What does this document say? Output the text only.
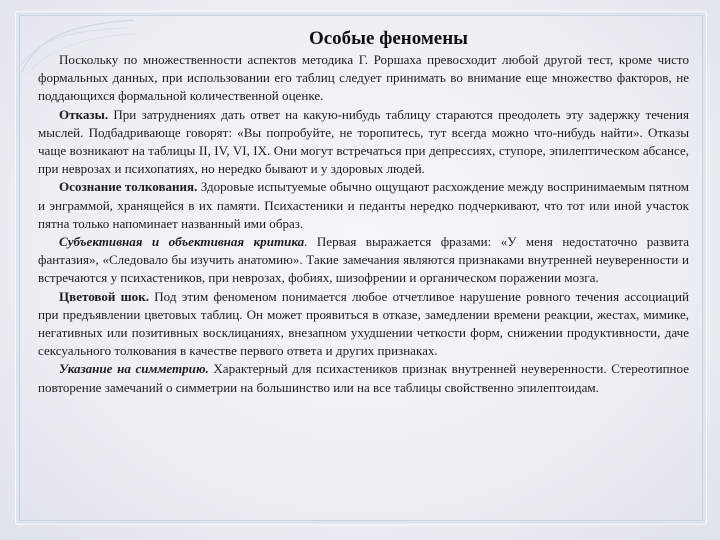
Особые феномены

Поскольку по множественности аспектов методика Г. Роршаха превосходит любой другой тест, кроме чисто формальных данных, при использовании его таблиц следует принимать во внимание еще множество факторов, не поддающихся формальной количественной оценке.

Отказы. При затруднениях дать ответ на какую-нибудь таблицу стараются преодолеть эту задержку течения мыслей. Подбадривающе говорят: «Вы попробуйте, не торопитесь, тут всегда можно что-нибудь найти». Отказы чаще возникают на таблицы II, IV, VI, IX. Они могут встречаться при депрессиях, ступоре, эпилептическом абсансе, при неврозах и психопатиях, но нередко бывают и у здоровых людей.

Осознание толкования. Здоровые испытуемые обычно ощущают расхождение между воспринимаемым пятном и энграммой, хранящейся в их памяти. Психастеники и педанты нередко подчеркивают, что тот или иной участок пятна только напоминает названный ими образ.

Субъективная и объективная критика. Первая выражается фразами: «У меня недостаточно развита фантазия», «Следовало бы изучить анатомию». Такие замечания являются признаками внутренней неуверенности и встречаются у психастеников, при неврозах, фобиях, шизофрении и органическом поражении мозга.

Цветовой шок. Под этим феноменом понимается любое отчетливое нарушение ровного течения ассоциаций при предъявлении цветовых таблиц. Он может проявиться в отказе, замедлении времени реакции, жестах, мимике, негативных или позитивных восклицаниях, внезапном ухудшении четкости форм, снижении продуктивности, даче сексуального толкования в качестве первого ответа и других признаках.

Указание на симметрию. Характерный для психастеников признак внутренней неуверенности. Стереотипное повторение замечаний о симметрии на большинство или на все таблицы свойственно эпилептоидам.
